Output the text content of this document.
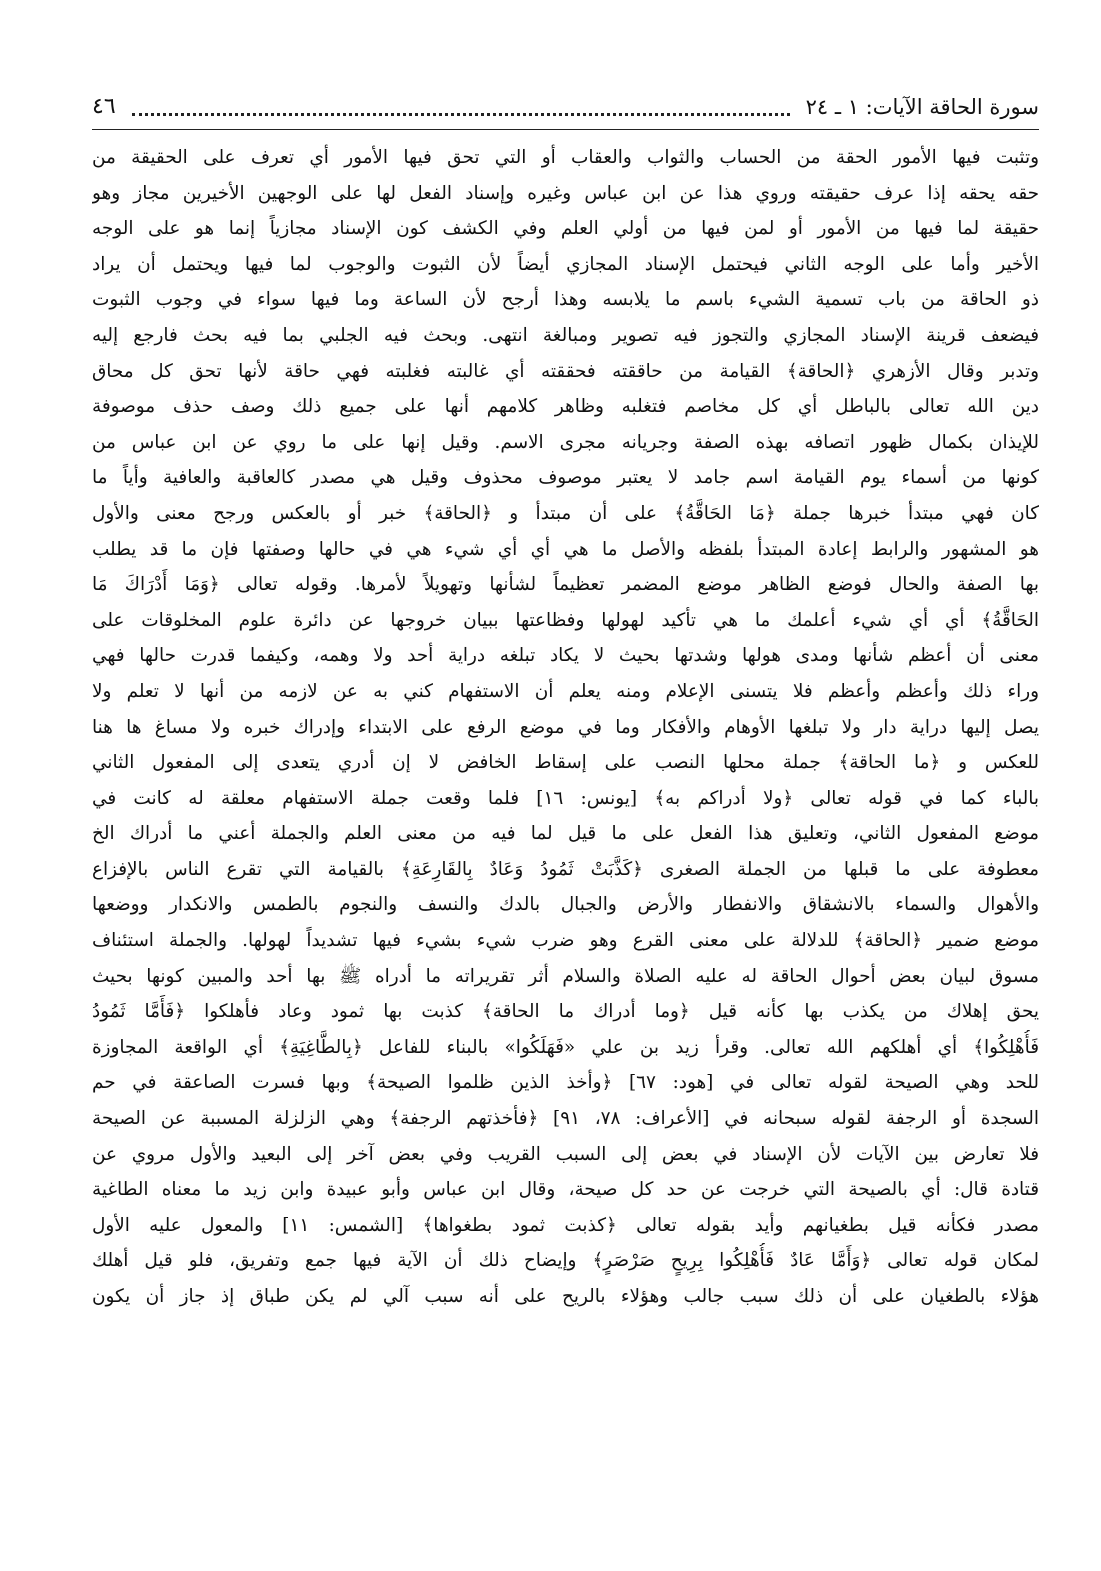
سورة الحاقة الآيات: ١ ـ ٢٤
٤٦
وتثبت فيها الأمور الحقة من الحساب والثواب والعقاب أو التي تحق فيها الأمور أي تعرف على الحقيقة من
حقه يحقه إذا عرف حقيقته وروي هذا عن ابن عباس وغيره وإسناد الفعل لها على الوجهين الأخيرين مجاز وهو
حقيقة لما فيها من الأمور أو لمن فيها من أولي العلم وفي الكشف كون الإسناد مجازياً إنما هو على الوجه
الأخير وأما على الوجه الثاني فيحتمل الإسناد المجازي أيضاً لأن الثبوت والوجوب لما فيها ويحتمل أن يراد
ذو الحاقة من باب تسمية الشيء باسم ما يلابسه وهذا أرجح لأن الساعة وما فيها سواء في وجوب الثبوت
فيضعف قرينة الإسناد المجازي والتجوز فيه تصوير ومبالغة انتهى. وبحث فيه الجلبي بما فيه بحث فارجع إليه
وتدبر وقال الأزهري ﴿الحاقة﴾ القيامة من حاققته فحققته أي غالبته فغلبته فهي حاقة لأنها تحق كل محاق
دين الله تعالى بالباطل أي كل مخاصم فتغلبه وظاهر كلامهم أنها على جميع ذلك وصف حذف موصوفة
للإيذان بكمال ظهور اتصافه بهذه الصفة وجريانه مجرى الاسم. وقيل إنها على ما روي عن ابن عباس من
كونها من أسماء يوم القيامة اسم جامد لا يعتبر موصوف محذوف وقيل هي مصدر كالعاقبة والعافية وأياً ما
كان فهي مبتدأ خبرها جملة ﴿مَا الحَاقَّةُ﴾ على أن مبتدأ و ﴿الحاقة﴾ خبر أو بالعكس ورجح معنى والأول
هو المشهور والرابط إعادة المبتدأ بلفظه والأصل ما هي أي أي شيء هي في حالها وصفتها فإن ما قد يطلب
بها الصفة والحال فوضع الظاهر موضع المضمر تعظيماً لشأنها وتهويلاً لأمرها. وقوله تعالى ﴿وَمَا أَدْرَاكَ مَا
الحَاقَّةُ﴾ أي أي شيء أعلمك ما هي تأكيد لهولها وفظاعتها ببيان خروجها عن دائرة علوم المخلوقات على
معنى أن أعظم شأنها ومدى هولها وشدتها بحيث لا يكاد تبلغه دراية أحد ولا وهمه، وكيفما قدرت حالها فهي
وراء ذلك وأعظم وأعظم فلا يتسنى الإعلام ومنه يعلم أن الاستفهام كني به عن لازمه من أنها لا تعلم ولا
يصل إليها دراية دار ولا تبلغها الأوهام والأفكار وما في موضع الرفع على الابتداء وإدراك خبره ولا مساغ ها هنا
للعكس و ﴿ما الحاقة﴾ جملة محلها النصب على إسقاط الخافض لا إن أدري يتعدى إلى المفعول الثاني
بالباء كما في قوله تعالى ﴿ولا أدراكم به﴾ [يونس: ١٦] فلما وقعت جملة الاستفهام معلقة له كانت في
موضع المفعول الثاني، وتعليق هذا الفعل على ما قيل لما فيه من معنى العلم والجملة أعني ما أدراك الخ
معطوفة على ما قبلها من الجملة الصغرى ﴿كَذَّبَتْ ثَمُودُ وَعَادٌ بِالقَارِعَةِ﴾ بالقيامة التي تقرع الناس بالإفزاع
والأهوال والسماء بالانشقاق والانفطار والأرض والجبال بالدك والنسف والنجوم بالطمس والانكدار ووضعها
موضع ضمير ﴿الحاقة﴾ للدلالة على معنى القرع وهو ضرب شيء بشيء فيها تشديداً لهولها. والجملة استئناف
مسوق لبيان بعض أحوال الحاقة له عليه الصلاة والسلام أثر تقريراته ما أدراه ﷺ بها أحد والمبين كونها بحيث
يحق إهلاك من يكذب بها كأنه قيل ﴿وما أدراك ما الحاقة﴾ كذبت بها ثمود وعاد فأهلكوا ﴿فَأَمَّا ثَمُودُ
فَأُهْلِكُوا﴾ أي أهلكهم الله تعالى. وقرأ زيد بن علي «فَهَلَكُوا» بالبناء للفاعل ﴿بِالطَّاغِيَةِ﴾ أي الواقعة المجاوزة
للحد وهي الصيحة لقوله تعالى في [هود: ٦٧] ﴿وأخذ الذين ظلموا الصيحة﴾ وبها فسرت الصاعقة في حم
السجدة أو الرجفة لقوله سبحانه في [الأعراف: ٧٨، ٩١] ﴿فأخذتهم الرجفة﴾ وهي الزلزلة المسببة عن الصيحة
فلا تعارض بين الآيات لأن الإسناد في بعض إلى السبب القريب وفي بعض آخر إلى البعيد والأول مروي عن
قتادة قال: أي بالصيحة التي خرجت عن حد كل صيحة، وقال ابن عباس وأبو عبيدة وابن زيد ما معناه الطاغية
مصدر فكأنه قيل بطغيانهم وأيد بقوله تعالى ﴿كذبت ثمود بطغواها﴾ [الشمس: ١١] والمعول عليه الأول
لمكان قوله تعالى ﴿وَأَمَّا عَادٌ فَأُهْلِكُوا بِرِيحٍ صَرْصَرٍ﴾ وإيضاح ذلك أن الآية فيها جمع وتفريق، فلو قيل أهلك
هؤلاء بالطغيان على أن ذلك سبب جالب وهؤلاء بالريح على أنه سبب آلي لم يكن طباق إذ جاز أن يكون
